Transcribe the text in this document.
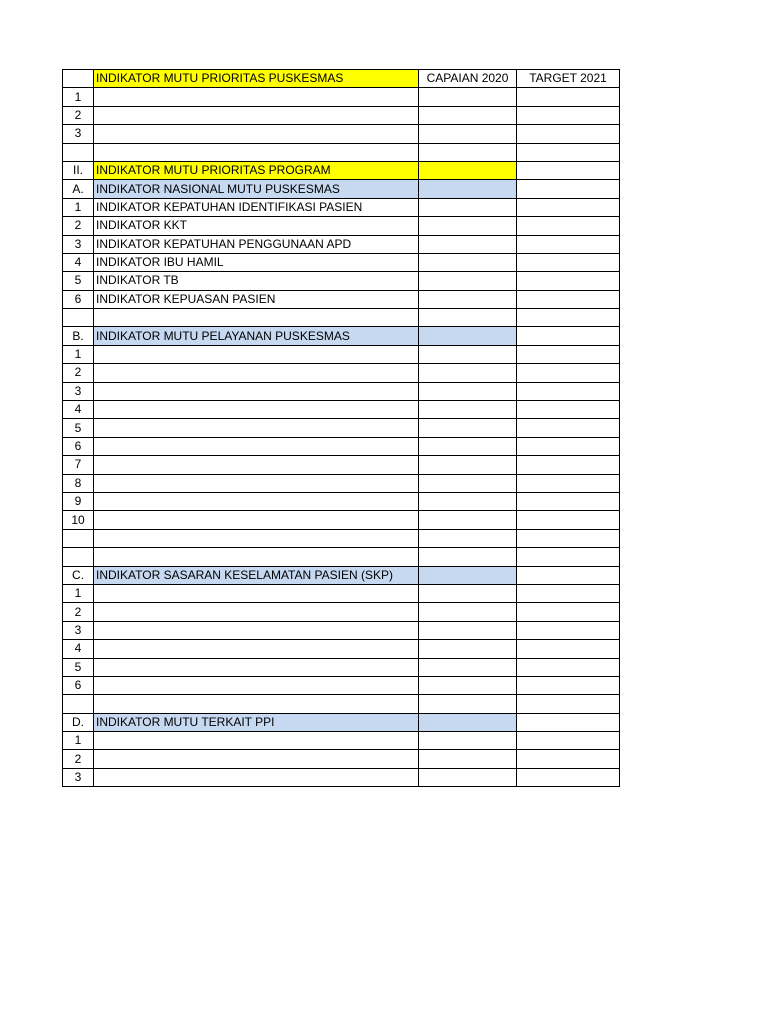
	INDIKATOR MUTU PRIORITAS PUSKESMAS	CAPAIAN 2020	TARGET 2021
1			
2			
3			

II.	INDIKATOR MUTU PRIORITAS PROGRAM		
A.	INDIKATOR NASIONAL MUTU PUSKESMAS		
1	INDIKATOR KEPATUHAN IDENTIFIKASI PASIEN		
2	INDIKATOR KKT		
3	INDIKATOR KEPATUHAN PENGGUNAAN APD		
4	INDIKATOR IBU HAMIL		
5	INDIKATOR TB		
6	INDIKATOR KEPUASAN PASIEN		

B.	INDIKATOR MUTU PELAYANAN PUSKESMAS		
1			
2			
3			
4			
5			
6			
7			
8			
9			
10			

C.	INDIKATOR SASARAN KESELAMATAN PASIEN (SKP)		
1			
2			
3			
4			
5			
6			

D.	INDIKATOR MUTU TERKAIT PPI		
1			
2			
3			
